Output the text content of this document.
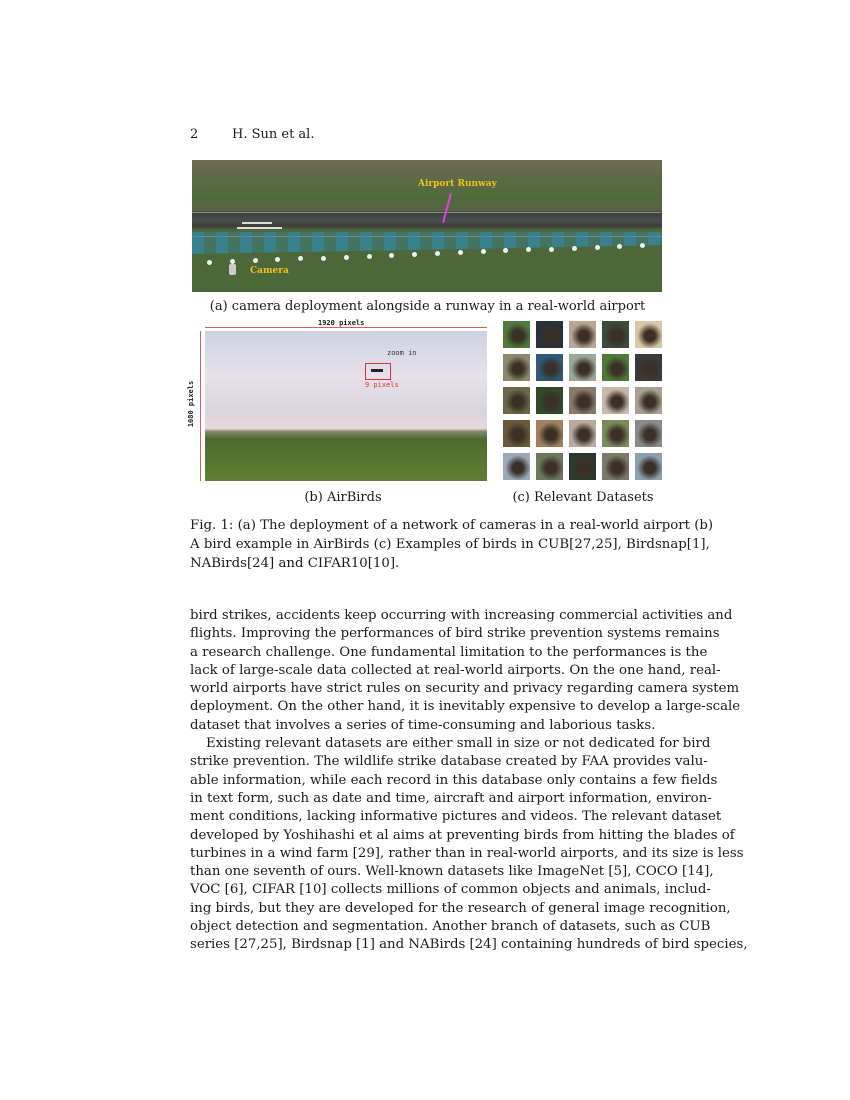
2	H. Sun et al.
Airport Runway
Camera
(a) camera deployment alongside a runway in a real-world airport
1920 pixels
1080 pixels
zoom in
9 pixels
(b) AirBirds	(c) Relevant Datasets
Fig. 1: (a) The deployment of a network of cameras in a real-world airport (b)
A bird example in AirBirds (c) Examples of birds in CUB[27,25], Birdsnap[1],
NABirds[24] and CIFAR10[10].
bird strikes, accidents keep occurring with increasing commercial activities and
flights. Improving the performances of bird strike prevention systems remains
a research challenge. One fundamental limitation to the performances is the
lack of large-scale data collected at real-world airports. On the one hand, real-
world airports have strict rules on security and privacy regarding camera system
deployment. On the other hand, it is inevitably expensive to develop a large-scale
dataset that involves a series of time-consuming and laborious tasks.
Existing relevant datasets are either small in size or not dedicated for bird
strike prevention. The wildlife strike database created by FAA provides valu-
able information, while each record in this database only contains a few fields
in text form, such as date and time, aircraft and airport information, environ-
ment conditions, lacking informative pictures and videos. The relevant dataset
developed by Yoshihashi et al aims at preventing birds from hitting the blades of
turbines in a wind farm [29], rather than in real-world airports, and its size is less
than one seventh of ours. Well-known datasets like ImageNet [5], COCO [14],
VOC [6], CIFAR [10] collects millions of common objects and animals, includ-
ing birds, but they are developed for the research of general image recognition,
object detection and segmentation. Another branch of datasets, such as CUB
series [27,25], Birdsnap [1] and NABirds [24] containing hundreds of bird species,
